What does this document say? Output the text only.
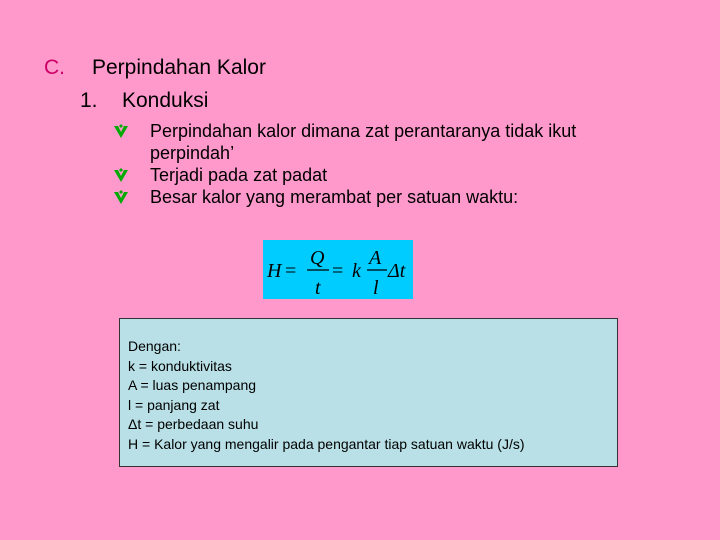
C. Perpindahan Kalor
1. Konduksi
Perpindahan kalor dimana zat perantaranya tidak ikut
perpindah’
Terjadi pada zat padat
Besar kalor yang merambat per satuan waktu:
H =
Q
t
= k
A
l
Δt
Dengan:
k = konduktivitas
A = luas penampang
l = panjang zat
Δt = perbedaan suhu
H = Kalor yang mengalir pada pengantar tiap satuan waktu (J/s)
